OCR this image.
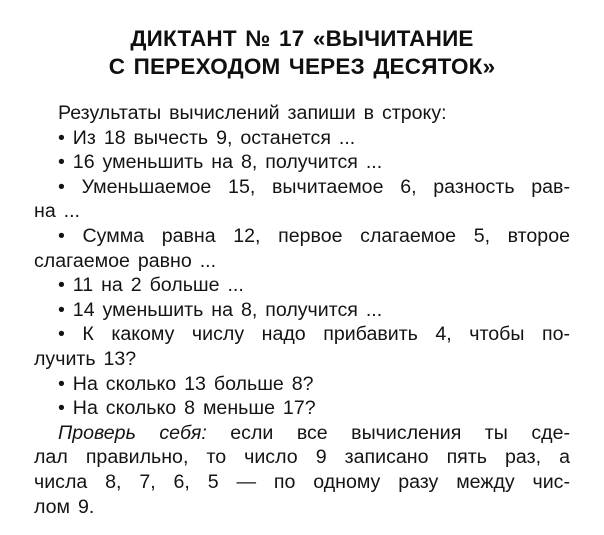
ДИКТАНТ № 17 «ВЫЧИТАНИЕ
С ПЕРЕХОДОМ ЧЕРЕЗ ДЕСЯТОК»
Результаты вычислений запиши в строку:
• Из 18 вычесть 9, останется ...
• 16 уменьшить на 8, получится ...
• Уменьшаемое 15, вычитаемое 6, разность рав-
на ...
• Сумма равна 12, первое слагаемое 5, второе
слагаемое равно ...
• 11 на 2 больше ...
• 14 уменьшить на 8, получится ...
• К какому числу надо прибавить 4, чтобы по-
лучить 13?
• На сколько 13 больше 8?
• На сколько 8 меньше 17?
Проверь себя: если все вычисления ты сде-
лал правильно, то число 9 записано пять раз, а
числа 8, 7, 6, 5 — по одному разу между чис-
лом 9.
